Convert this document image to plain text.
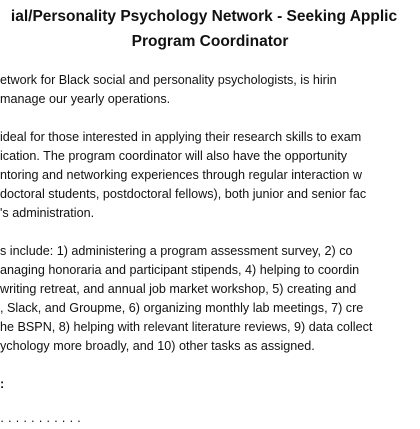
ial/Personality Psychology Network - Seeking Applic
Program Coordinator
etwork for Black social and personality psychologists, is hirin
manage our yearly operations.
ideal for those interested in applying their research skills to exam
ication. The program coordinator will also have the opportunity
ntoring and networking experiences through regular interaction w
doctoral students, postdoctoral fellows), both junior and senior fac
's administration.
s include: 1) administering a program assessment survey, 2) co
anaging honoraria and participant stipends, 4) helping to coordin
writing retreat, and annual job market workshop, 5) creating and
, Slack, and Groupme, 6) organizing monthly lab meetings, 7) cre
he BSPN, 8) helping with relevant literature reviews, 9) data collect
ychology more broadly, and 10) other tasks as assigned.
:
· · · · · · · · · · ·
